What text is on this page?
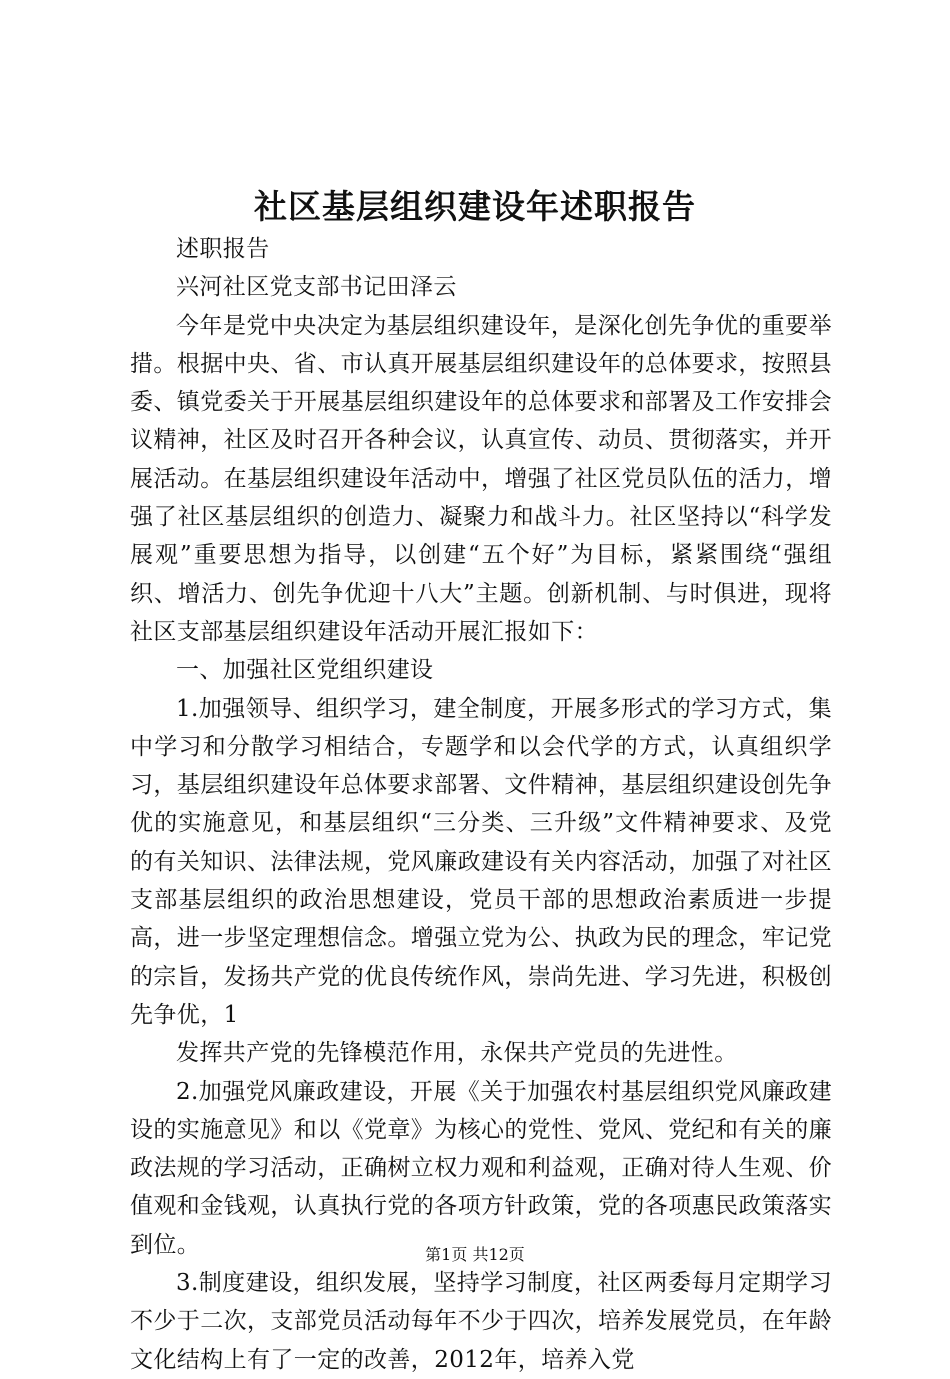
社区基层组织建设年述职报告

述职报告

兴河社区党支部书记田泽云

今年是党中央决定为基层组织建设年，是深化创先争优的重要举措。根据中央、省、市认真开展基层组织建设年的总体要求，按照县委、镇党委关于开展基层组织建设年的总体要求和部署及工作安排会议精神，社区及时召开各种会议，认真宣传、动员、贯彻落实，并开展活动。在基层组织建设年活动中，增强了社区党员队伍的活力，增强了社区基层组织的创造力、凝聚力和战斗力。社区坚持以“科学发展观”重要思想为指导，以创建“五个好”为目标，紧紧围绕“强组织、增活力、创先争优迎十八大”主题。创新机制、与时俱进，现将社区支部基层组织建设年活动开展汇报如下：

一、加强社区党组织建设

1.加强领导、组织学习，建全制度，开展多形式的学习方式，集中学习和分散学习相结合，专题学和以会代学的方式，认真组织学习，基层组织建设年总体要求部署、文件精神，基层组织建设创先争优的实施意见，和基层组织“三分类、三升级”文件精神要求、及党的有关知识、法律法规，党风廉政建设有关内容活动，加强了对社区支部基层组织的政治思想建设，党员干部的思想政治素质进一步提高，进一步坚定理想信念。增强立党为公、执政为民的理念，牢记党的宗旨，发扬共产党的优良传统作风，崇尚先进、学习先进，积极创先争优，1

发挥共产党的先锋模范作用，永保共产党员的先进性。

2.加强党风廉政建设，开展《关于加强农村基层组织党风廉政建设的实施意见》和以《党章》为核心的党性、党风、党纪和有关的廉政法规的学习活动，正确树立权力观和利益观，正确对待人生观、价值观和金钱观，认真执行党的各项方针政策，党的各项惠民政策落实到位。

3.制度建设，组织发展，坚持学习制度，社区两委每月定期学习不少于二次，支部党员活动每年不少于四次，培养发展党员，在年龄文化结构上有了一定的改善，2012年，培养入党

第1页 共12页
